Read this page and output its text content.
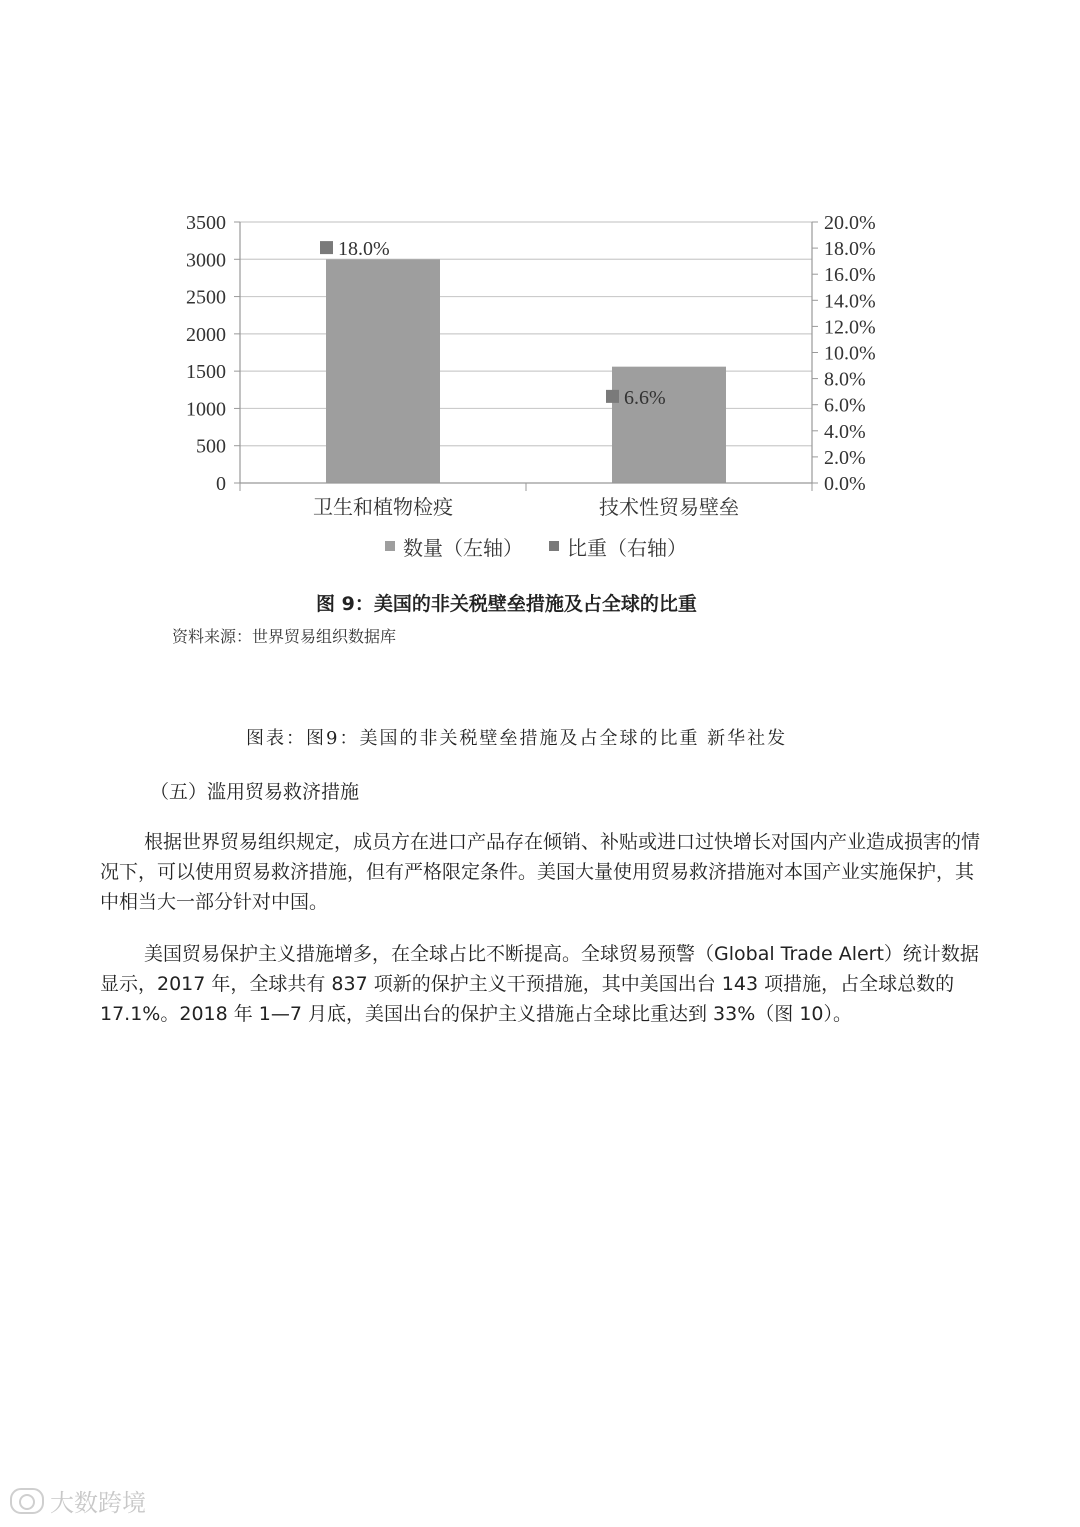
3500
3000
2500
2000
1500
1000
500
0
20.0%
18.0%
16.0%
14.0%
12.0%
10.0%
8.0%
6.0%
4.0%
2.0%
0.0%
卫生和植物检疫	技术性贸易壁垒
18.0%
6.6%
数量（左轴） 比重（右轴）
图 9：美国的非关税壁垒措施及占全球的比重
资料来源：世界贸易组织数据库
图表：图9：美国的非关税壁垒措施及占全球的比重 新华社发
（五）滥用贸易救济措施

根据世界贸易组织规定，成员方在进口产品存在倾销、补贴或进口过快增长对国内产业造成损害的情况下，可以使用贸易救济措施，但有严格限定条件。美国大量使用贸易救济措施对本国产业实施保护，其中相当大一部分针对中国。

美国贸易保护主义措施增多，在全球占比不断提高。全球贸易预警（Global Trade Alert）统计数据显示，2017 年，全球共有 837 项新的保护主义干预措施，其中美国出台 143 项措施，占全球总数的 17.1%。2018 年 1—7 月底，美国出台的保护主义措施占全球比重达到 33%（图 10）。

大数跨境
